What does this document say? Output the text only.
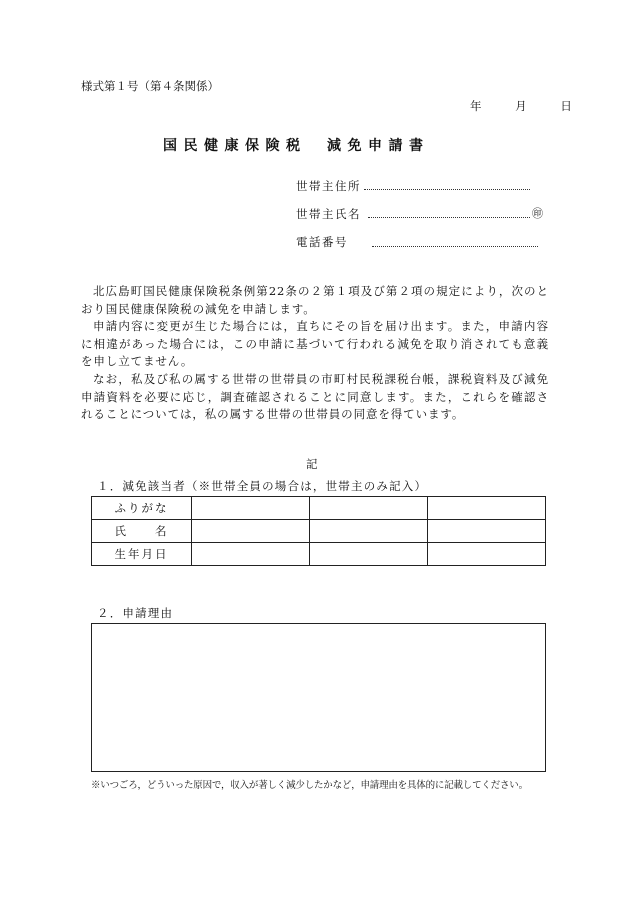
様式第１号（第４条関係）
年	月	日
国民健康保険税　減免申請書
世帯主住所
世帯主氏名	㊞
電話番号

北広島町国民健康保険税条例第22条の２第１項及び第２項の規定により，次のとおり国民健康保険税の減免を申請します。

申請内容に変更が生じた場合には，直ちにその旨を届け出ます。また，申請内容に相違があった場合には，この申請に基づいて行われる減免を取り消されても意義を申し立てません。

なお，私及び私の属する世帯の世帯員の市町村民税課税台帳，課税資料及び減免申請資料を必要に応じ，調査確認されることに同意します。また，これらを確認されることについては，私の属する世帯の世帯員の同意を得ています。

記
１．減免該当者（※世帯全員の場合は，世帯主のみ記入）
ふりがな			
氏　　名			
生年月日			
２．申請理由
※いつごろ，どういった原因で，収入が著しく減少したかなど，申請理由を具体的に記載してください。
